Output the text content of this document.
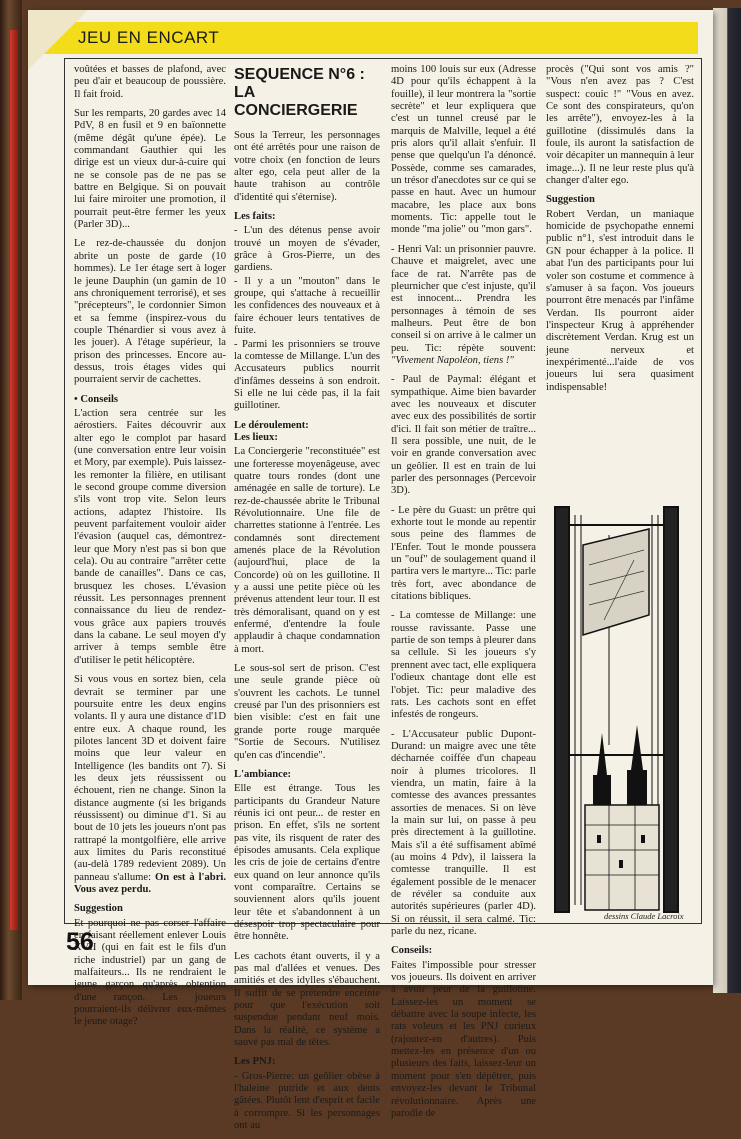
JEU EN ENCART

voûtées et basses de plafond, avec peu d'air et beaucoup de poussière. Il fait froid.

Sur les remparts, 20 gardes avec 14 PdV, 8 en fusil et 9 en baïonnette (même dégât qu'une épée). Le commandant Gauthier qui les dirige est un vieux dur-à-cuire qui ne se console pas de ne pas se battre en Belgique. Si on pouvait lui faire miroiter une promotion, il pourrait peut-être fermer les yeux (Parler 3D)...

Le rez-de-chaussée du donjon abrite un poste de garde (10 hommes). Le 1er étage sert à loger le jeune Dauphin (un gamin de 10 ans chroniquement terrorisé), et ses "précepteurs", le cordonnier Simon et sa femme (inspirez-vous du couple Thénardier si vous avez à les jouer). A l'étage supérieur, la prison des princesses. Encore au-dessus, trois étages vides qui pourraient servir de cachettes.

• Conseils

L'action sera centrée sur les aérostiers. Faites découvrir aux alter ego le complot par hasard (une conversation entre leur voisin et Mory, par exemple). Puis laissez-les remonter la filière, en utilisant le second groupe comme diversion s'ils vont trop vite. Selon leurs actions, adaptez l'histoire. Ils peuvent parfaitement vouloir aider l'évasion (auquel cas, démontrez-leur que Mory n'est pas si bon que cela). Ou au contraire "arrêter cette bande de canailles". Dans ce cas, brusquez les choses. L'évasion réussit. Les personnages prennent connaissance du lieu de rendez-vous grâce aux papiers trouvés dans la cabane. Le seul moyen d'y arriver à temps semble être d'utiliser le petit hélicoptère.

Si vous vous en sortez bien, cela devrait se terminer par une poursuite entre les deux engins volants. Il y aura une distance d'1D entre eux. A chaque round, les pilotes lancent 3D et doivent faire moins que leur valeur en Intelligence (les bandits ont 7). Si les deux jets réussissent ou échouent, rien ne change. Sinon la distance augmente (si les brigands réussissent) ou diminue d'1. Si au bout de 10 jets les joueurs n'ont pas rattrapé la montgolfière, elle arrive aux limites du Paris reconstitué (au-delà 1789 redevient 2089). Un panneau s'allume: On est à l'abri. Vous avez perdu.

Suggestion

Et pourquoi ne pas corser l'affaire en faisant réellement enlever Louis XVII (qui en fait est le fils d'un riche industriel) par un gang de malfaiteurs... Ils ne rendraient le jeune garçon qu'après obtention d'une rançon. Les joueurs pourraient-ils délivrer eux-mêmes le jeune otage?

SEQUENCE N°6 :
LA CONCIERGERIE

Sous la Terreur, les personnages ont été arrêtés pour une raison de votre choix (en fonction de leurs alter ego, cela peut aller de la haute trahison au contrôle d'identité qui s'éternise).

Les faits:

- L'un des détenus pense avoir trouvé un moyen de s'évader, grâce à Gros-Pierre, un des gardiens.

- Il y a un "mouton" dans le groupe, qui s'attache à recueillir les confidences des nouveaux et à faire échouer leurs tentatives de fuite.

- Parmi les prisonniers se trouve la comtesse de Millange. L'un des Accusateurs publics nourrit d'infâmes desseins à son endroit. Si elle ne lui cède pas, il la fait guillotiner.

Le déroulement:
Les lieux:

La Conciergerie "reconstituée" est une forteresse moyenâgeuse, avec quatre tours rondes (dont une aménagée en salle de torture). Le rez-de-chaussée abrite le Tribunal Révolutionnaire. Une file de charrettes stationne à l'entrée. Les condamnés sont directement amenés place de la Révolution (aujourd'hui, place de la Concorde) où on les guillotine. Il y a aussi une petite pièce où les prévenus attendent leur tour. Il est très démoralisant, quand on y est enfermé, d'entendre la foule applaudir à chaque condamnation à mort.

Le sous-sol sert de prison. C'est une seule grande pièce où s'ouvrent les cachots. Le tunnel creusé par l'un des prisonniers est bien visible: c'est en fait une grande porte rouge marquée "Sortie de Secours. N'utilisez qu'en cas d'incendie".

L'ambiance:

Elle est étrange. Tous les participants du Grandeur Nature réunis ici ont peur... de rester en prison. En effet, s'ils ne sortent pas vite, ils risquent de rater des épisodes amusants. Cela explique les cris de joie de certains d'entre eux quand on leur annonce qu'ils vont comparaître. Certains se souviennent alors qu'ils jouent leur tête et s'abandonnent à un désespoir trop spectaculaire pour être honnête.

Les cachots étant ouverts, il y a pas mal d'allées et venues. Des amitiés et des idylles s'ébauchent. Il suffit de se prétendre enceinte pour que l'exécution soit suspendue pendant neuf mois. Dans la réalité, ce système a sauvé pas mal de têtes.

Les PNJ:

- Gros-Pierre: un geôlier obèse à l'haleine putride et aux dents gâtées. Plutôt lent d'esprit et facile à corrompre. Si les personnages ont au

moins 100 louis sur eux (Adresse 4D pour qu'ils échappent à la fouille), il leur montrera la "sortie secrète" et leur expliquera que c'est un tunnel creusé par le marquis de Malville, lequel a été pris alors qu'il allait s'enfuir. Il pense que quelqu'un l'a dénoncé. Possède, comme ses camarades, un trésor d'anecdotes sur ce qui se passe en haut. Avec un humour macabre, les place aux bons moments. Tic: appelle tout le monde "ma jolie" ou "mon gars".

- Henri Val: un prisonnier pauvre. Chauve et maigrelet, avec une face de rat. N'arrête pas de pleurnicher que c'est injuste, qu'il est innocent... Prendra les personnages à témoin de ses malheurs. Peut être de bon conseil si on arrive à le calmer un peu. Tic: répète souvent: "Vivement Napoléon, tiens !"

- Paul de Paymal: élégant et sympathique. Aime bien bavarder avec les nouveaux et discuter avec eux des possibilités de sortir d'ici. Il fait son métier de traître... Il sera possible, une nuit, de le voir en grande conversation avec un geôlier. Il est en train de lui parler des personnages (Percevoir 3D).

- Le père du Guast: un prêtre qui exhorte tout le monde au repentir sous peine des flammes de l'Enfer. Tout le monde poussera un "ouf" de soulagement quand il partira vers le martyre... Tic: parle très fort, avec abondance de citations bibliques.

- La comtesse de Millange: une rousse ravissante. Passe une partie de son temps à pleurer dans sa cellule. Si les joueurs s'y prennent avec tact, elle expliquera l'odieux chantage dont elle est l'objet. Tic: peur maladive des rats. Les cachots sont en effet infestés de rongeurs.

- L'Accusateur public Dupont-Durand: un maigre avec une tête décharnée coiffée d'un chapeau noir à plumes tricolores. Il viendra, un matin, faire à la comtesse des avances pressantes assorties de menaces. Si on lève la main sur lui, on passe à peu près directement à la guillotine. Mais s'il a été suffisament abîmé (au moins 4 Pdv), il laissera la comtesse tranquille. Il est également possible de le menacer de révéler sa conduite aux autorités supérieures (parler 4D). Si on réussit, il sera calmé. Tic: parle du nez, ricane.

Conseils:

Faites l'impossible pour stresser vos joueurs. Ils doivent en arriver à avoir peur de la guillotine. Laissez-les un moment se débattre avec la soupe infecte, les rats voleurs et les PNJ curieux (rajoutez-en d'autres). Puis mettez-les en présence d'un ou plusieurs des faits, laissez-leur un moment pour s'en dépêtrer, puis envoyez-les devant le Tribunal révolutionnaire. Après une parodie de

procès ("Qui sont vos amis ?" "Vous n'en avez pas ? C'est suspect: couic !" "Vous en avez. Ce sont des conspirateurs, qu'on les arrête"), envoyez-les à la guillotine (dissimulés dans la foule, ils auront la satisfaction de voir décapiter un mannequin à leur image...). Il ne leur reste plus qu'à changer d'alter ego.

Suggestion

Robert Verdan, un maniaque homicide de psychopathe ennemi public n°1, s'est introduit dans le GN pour échapper à la police. Il abat l'un des participants pour lui voler son costume et commence à s'amuser à sa façon. Vos joueurs pourront être menacés par l'infâme Verdan. Ils pourront aider l'inspecteur Krug à appréhender discrètement Verdan. Krug est un jeune nerveux et inexpérimenté...l'aide de vos joueurs lui sera quasiment indispensable!

dessins Claude Lacroix
56
